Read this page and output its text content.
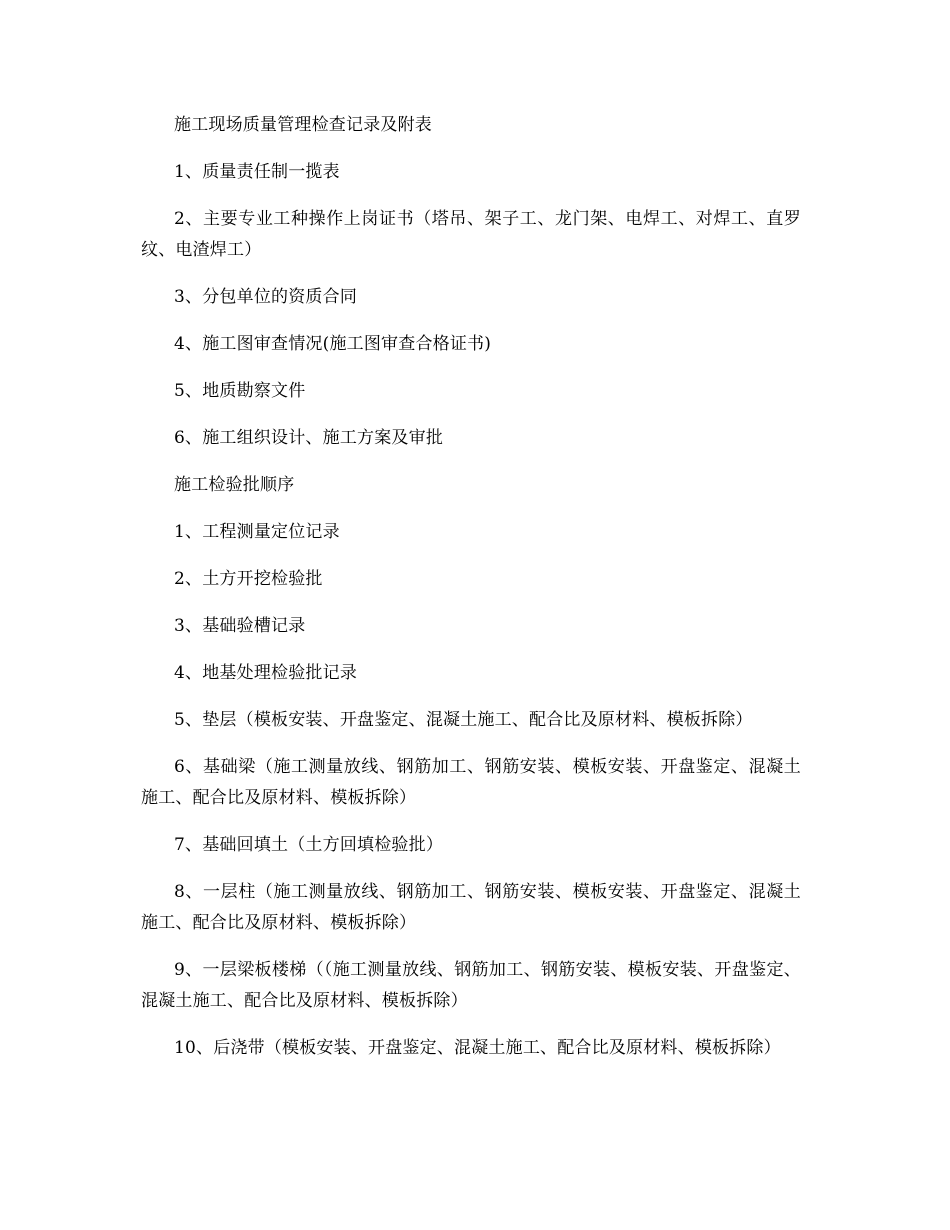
施工现场质量管理检查记录及附表

1、质量责任制一揽表

2、主要专业工种操作上岗证书（塔吊、架子工、龙门架、电焊工、对焊工、直罗纹、电渣焊工）

3、分包单位的资质合同

4、施工图审查情况(施工图审查合格证书)

5、地质勘察文件

6、施工组织设计、施工方案及审批

施工检验批顺序

1、工程测量定位记录

2、土方开挖检验批

3、基础验槽记录

4、地基处理检验批记录

5、垫层（模板安装、开盘鉴定、混凝土施工、配合比及原材料、模板拆除）

6、基础梁（施工测量放线、钢筋加工、钢筋安装、模板安装、开盘鉴定、混凝土施工、配合比及原材料、模板拆除）

7、基础回填土（土方回填检验批）

8、一层柱（施工测量放线、钢筋加工、钢筋安装、模板安装、开盘鉴定、混凝土施工、配合比及原材料、模板拆除）

9、一层梁板楼梯（（施工测量放线、钢筋加工、钢筋安装、模板安装、开盘鉴定、混凝土施工、配合比及原材料、模板拆除）

10、后浇带（模板安装、开盘鉴定、混凝土施工、配合比及原材料、模板拆除）
